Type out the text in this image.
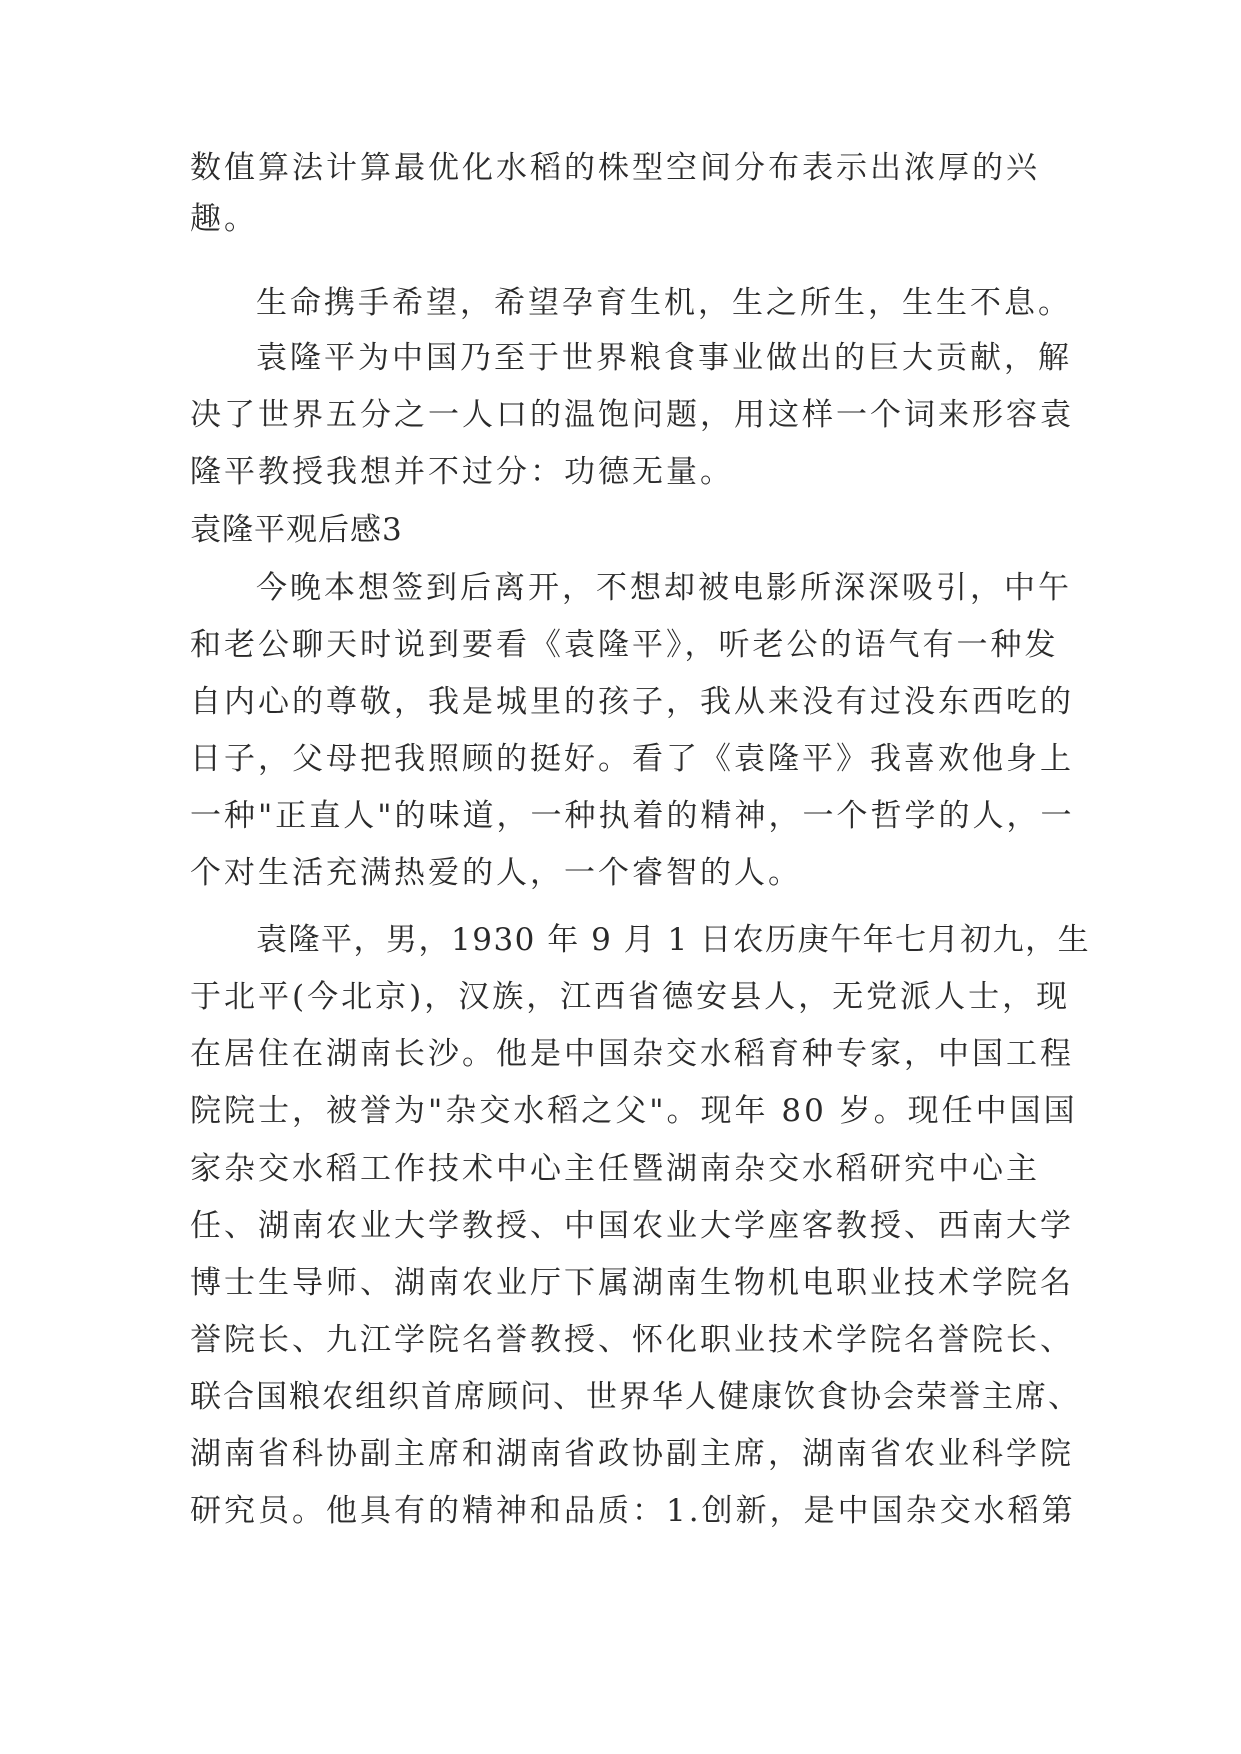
数值算法计算最优化水稻的株型空间分布表示出浓厚的兴
趣。
生命携手希望，希望孕育生机，生之所生，生生不息。
袁隆平为中国乃至于世界粮食事业做出的巨大贡献，解
决了世界五分之一人口的温饱问题，用这样一个词来形容袁
隆平教授我想并不过分：功德无量。
袁隆平观后感3
今晚本想签到后离开，不想却被电影所深深吸引，中午
和老公聊天时说到要看《袁隆平》，听老公的语气有一种发
自内心的尊敬，我是城里的孩子，我从来没有过没东西吃的
日子，父母把我照顾的挺好。看了《袁隆平》我喜欢他身上
一种"正直人"的味道，一种执着的精神，一个哲学的人，一
个对生活充满热爱的人，一个睿智的人。
袁隆平，男，1930 年 9 月 1 日农历庚午年七月初九，生
于北平(今北京)，汉族，江西省德安县人，无党派人士，现
在居住在湖南长沙。他是中国杂交水稻育种专家，中国工程
院院士，被誉为"杂交水稻之父"。现年 80 岁。现任中国国
家杂交水稻工作技术中心主任暨湖南杂交水稻研究中心主
任、湖南农业大学教授、中国农业大学座客教授、西南大学
博士生导师、湖南农业厅下属湖南生物机电职业技术学院名
誉院长、九江学院名誉教授、怀化职业技术学院名誉院长、
联合国粮农组织首席顾问、世界华人健康饮食协会荣誉主席、
湖南省科协副主席和湖南省政协副主席，湖南省农业科学院
研究员。他具有的精神和品质：1.创新，是中国杂交水稻第
